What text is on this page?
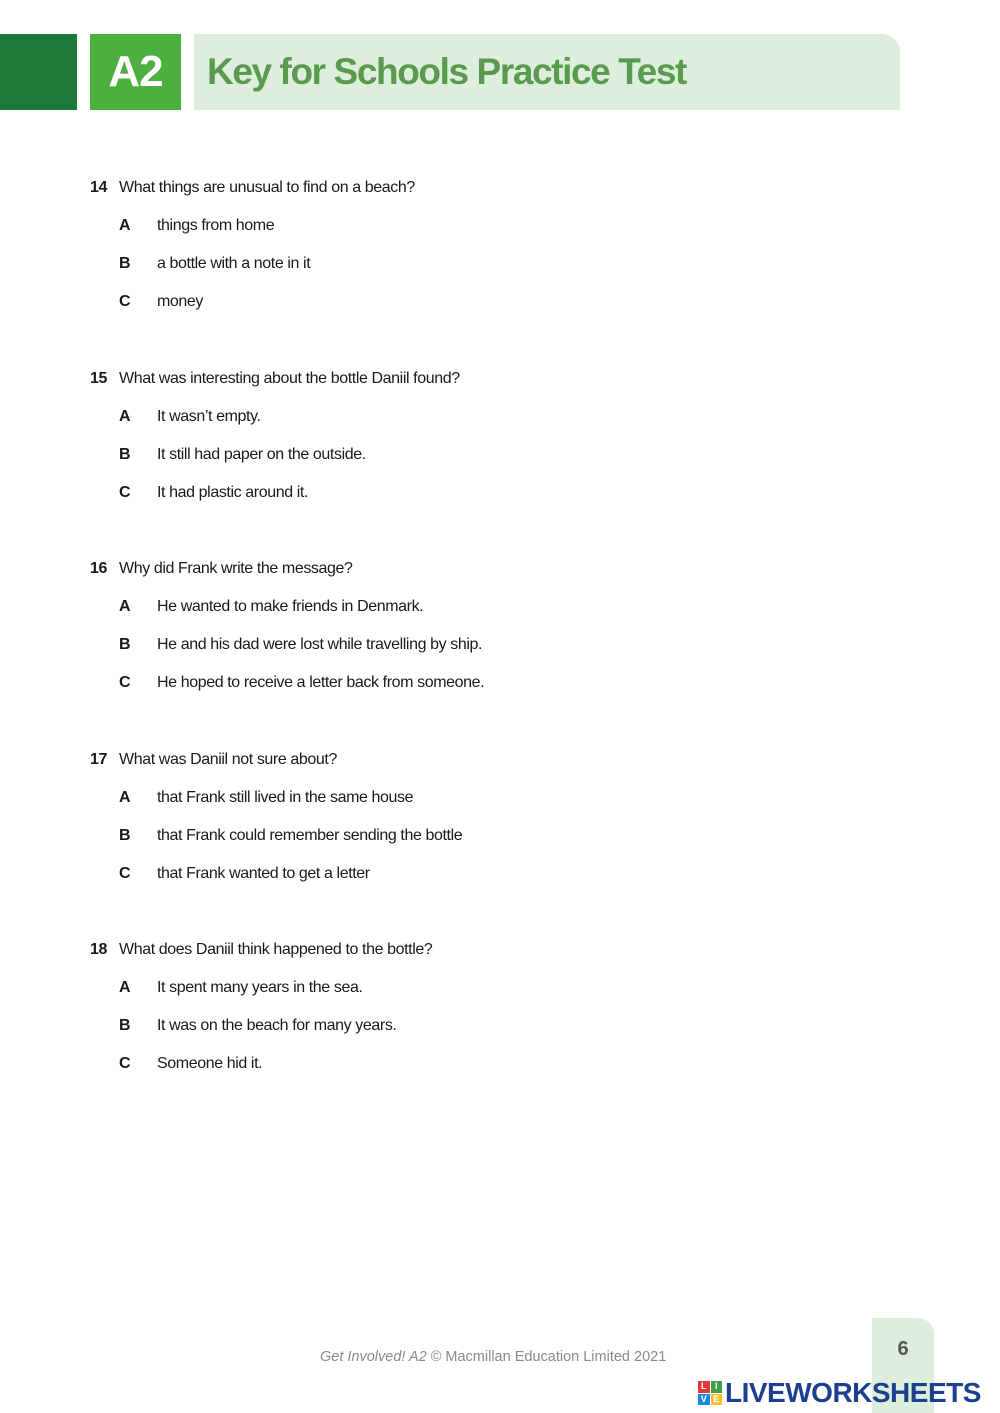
A2	Key for Schools Practice Test
14 What things are unusual to find on a beach?
A	things from home
B	a bottle with a note in it
C	money
15 What was interesting about the bottle Daniil found?
A	It wasn’t empty.
B	It still had paper on the outside.
C	It had plastic around it.
16 Why did Frank write the message?
A	He wanted to make friends in Denmark.
B	He and his dad were lost while travelling by ship.
C	He hoped to receive a letter back from someone.
17 What was Daniil not sure about?
A	that Frank still lived in the same house
B	that Frank could remember sending the bottle
C	that Frank wanted to get a letter
18 What does Daniil think happened to the bottle?
A	It spent many years in the sea.
B	It was on the beach for many years.
C	Someone hid it.
Get Involved! A2 © Macmillan Education Limited 2021	6
L I
V E LIVEWORKSHEETS
